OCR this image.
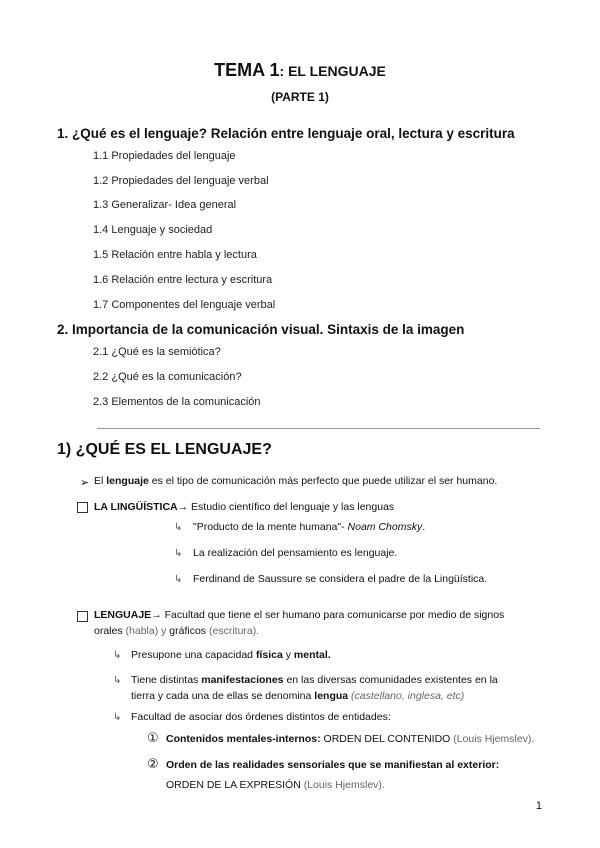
TEMA 1: EL LENGUAJE
(PARTE 1)
1. ¿Qué es el lenguaje? Relación entre lenguaje oral, lectura y escritura
1.1 Propiedades del lenguaje
1.2 Propiedades del lenguaje verbal
1.3 Generalizar- Idea general
1.4 Lenguaje y sociedad
1.5 Relación entre habla y lectura
1.6 Relación entre lectura y escritura
1.7 Componentes del lenguaje verbal
2. Importancia de la comunicación visual. Sintaxis de la imagen
2.1 ¿Qué es la semiótica?
2.2 ¿Qué es la comunicación?
2.3 Elementos de la comunicación
1) ¿QUÉ ES EL LENGUAJE?
➢ El lenguaje es el tipo de comunicación más perfecto que puede utilizar el ser humano.
LA LINGÜÍSTICA→ Estudio científico del lenguaje y las lenguas
↳ "Producto de la mente humana"- Noam Chomsky.
↳ La realización del pensamiento es lenguaje.
↳ Ferdinand de Saussure se considera el padre de la Lingüística.
LENGUAJE→ Facultad que tiene el ser humano para comunicarse por medio de signos
orales (habla) y gráficos (escritura).
↳ Presupone una capacidad física y mental.
↳ Tiene distintas manifestaciones en las diversas comunidades existentes en la
tierra y cada una de ellas se denomina lengua (castellano, inglesa, etc)
↳ Facultad de asociar dos órdenes distintos de entidades:
① Contenidos mentales-internos: ORDEN DEL CONTENIDO (Louis Hjemslev).
② Orden de las realidades sensoriales que se manifiestan al exterior:
ORDEN DE LA EXPRESIÓN (Louis Hjemslev).
1
